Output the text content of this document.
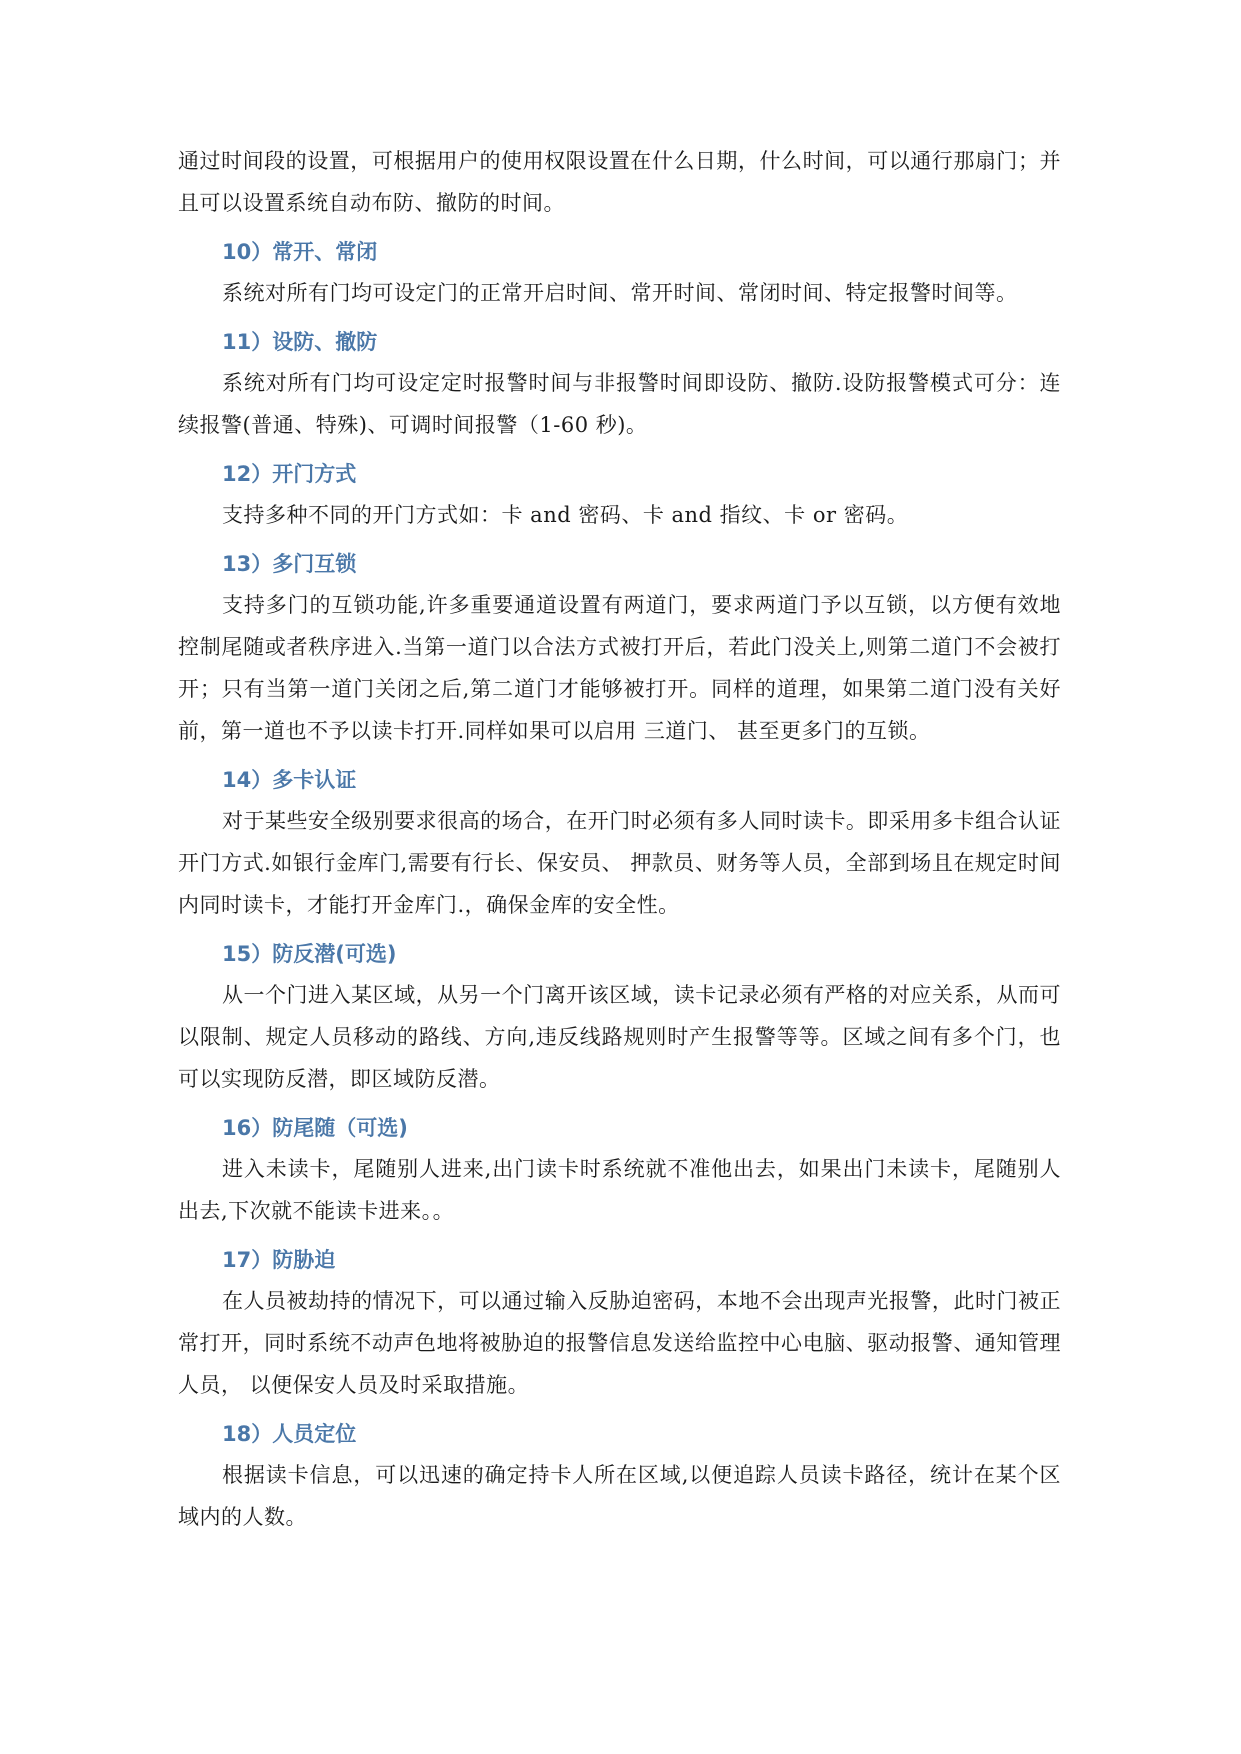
通过时间段的设置，可根据用户的使用权限设置在什么日期，什么时间，可以通行那扇门；并且可以设置系统自动布防、撤防的时间。

10）常开、常闭

系统对所有门均可设定门的正常开启时间、常开时间、常闭时间、特定报警时间等。

11）设防、撤防

系统对所有门均可设定定时报警时间与非报警时间即设防、撤防.设防报警模式可分：连续报警(普通、特殊)、可调时间报警（1-60 秒)。

12）开门方式

支持多种不同的开门方式如：卡 and 密码、卡 and 指纹、卡 or 密码。

13）多门互锁

支持多门的互锁功能,许多重要通道设置有两道门，要求两道门予以互锁，以方便有效地控制尾随或者秩序进入.当第一道门以合法方式被打开后，若此门没关上,则第二道门不会被打开；只有当第一道门关闭之后,第二道门才能够被打开。同样的道理，如果第二道门没有关好前，第一道也不予以读卡打开.同样如果可以启用 三道门、 甚至更多门的互锁。

14）多卡认证

对于某些安全级别要求很高的场合，在开门时必须有多人同时读卡。即采用多卡组合认证开门方式.如银行金库门,需要有行长、保安员、 押款员、财务等人员，全部到场且在规定时间内同时读卡，才能打开金库门.，确保金库的安全性。

15）防反潜(可选)

从一个门进入某区域，从另一个门离开该区域，读卡记录必须有严格的对应关系，从而可以限制、规定人员移动的路线、方向,违反线路规则时产生报警等等。区域之间有多个门，也可以实现防反潜，即区域防反潜。

16）防尾随（可选)

进入未读卡，尾随别人进来,出门读卡时系统就不准他出去，如果出门未读卡，尾随别人出去,下次就不能读卡进来。。

17）防胁迫

在人员被劫持的情况下，可以通过输入反胁迫密码，本地不会出现声光报警，此时门被正常打开，同时系统不动声色地将被胁迫的报警信息发送给监控中心电脑、驱动报警、通知管理人员， 以便保安人员及时采取措施。

18）人员定位

根据读卡信息，可以迅速的确定持卡人所在区域,以便追踪人员读卡路径，统计在某个区域内的人数。
